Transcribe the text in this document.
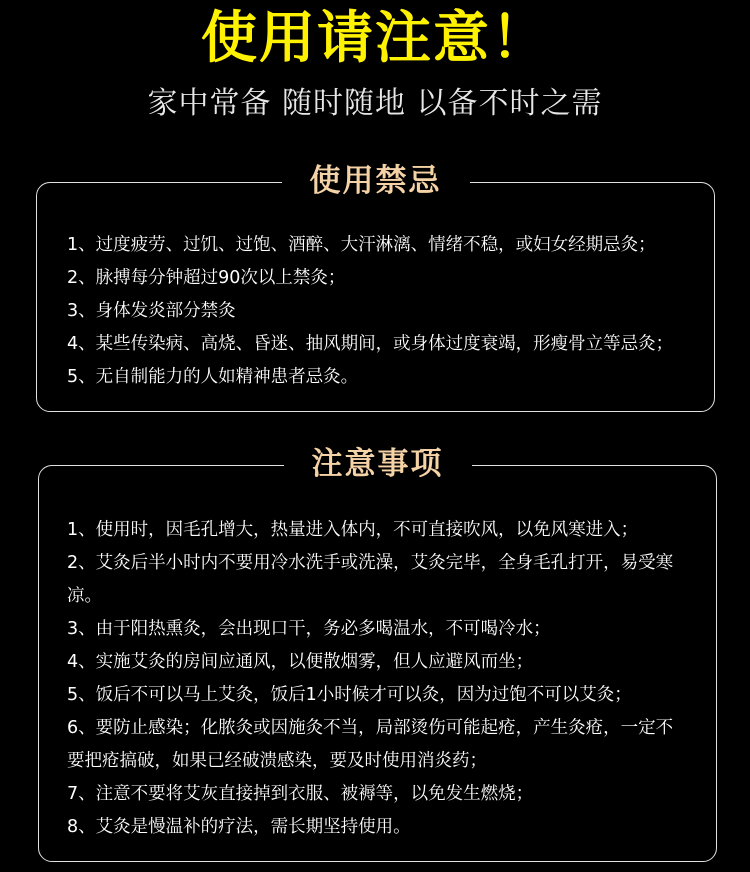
使用请注意！
家中常备 随时随地 以备不时之需
使用禁忌
1、过度疲劳、过饥、过饱、酒醉、大汗淋漓、情绪不稳，或妇女经期忌灸；
2、脉搏每分钟超过90次以上禁灸；
3、身体发炎部分禁灸
4、某些传染病、高烧、昏迷、抽风期间，或身体过度衰竭，形瘦骨立等忌灸；
5、无自制能力的人如精神患者忌灸。
注意事项
1、使用时，因毛孔增大，热量进入体内，不可直接吹风，以免风寒进入；
2、艾灸后半小时内不要用冷水洗手或洗澡，艾灸完毕，全身毛孔打开，易受寒凉。
3、由于阳热熏灸，会出现口干，务必多喝温水，不可喝冷水；
4、实施艾灸的房间应通风，以便散烟雾，但人应避风而坐；
5、饭后不可以马上艾灸，饭后1小时候才可以灸，因为过饱不可以艾灸；
6、要防止感染；化脓灸或因施灸不当，局部烫伤可能起疮，产生灸疮，一定不要把疮搞破，如果已经破溃感染，要及时使用消炎药；
7、注意不要将艾灰直接掉到衣服、被褥等，以免发生燃烧；
8、艾灸是慢温补的疗法，需长期坚持使用。
